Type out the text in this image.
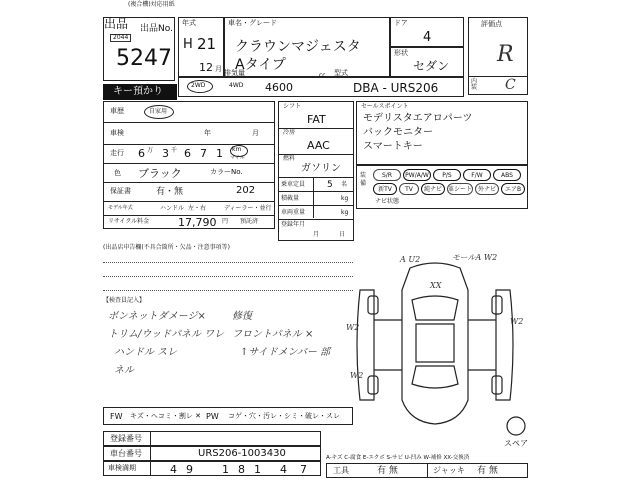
(複合機)対応用紙
出品No.
2044
5247
出品
キー預かり
年式
H 21
12 月
車名・グレード
クラウンマジェスタ
Aタイプ
ドア
4
形状
セダン
評価点
R
内装 C
2WD	4WD 4600
cc
DBA - URS206
排気量	型式
車歴	自家用
車検	年	月
走行 6 万 3 千 6 7 1 km
マイル
色 ブラック	カラーNo.
保証書	有・無	202
モデル年式	ハンドル 左・右	ディーラー・並行
リサイクル料金	17,790 円 預託済
シフト
FAT
冷房
AAC
燃料
ガソリン
乗車定員 5 名
積載量	kg
車両重量	kg
登録年月
月	日
セールスポイント
モデリスタエアロパーツ
バックモニター
スマートキー
装備
S/R	PW/A/W	P/S	F/W	ABS
新TV	TV	純ナビ	革シート 外ナビ	エアB
ナビ状態
(出品店申告欄(不具合箇所・欠品・注意事項等)
【検査員記入】
ボンネットダメージ×
トリム/ウッドパネル ワレ
ハンドル スレ
ネル
修復
フロントパネル ×
↑サイドメンバー 部
A U2	モールA W2
XX
W2
W2
W2
スペア
FW キズ・ヘコミ・割レ ✕ PW コゲ・穴・汚レ・シミ・破レ・スレ
登録番号
車台番号	URS206-1003430
車検満期	4 9	1 8 1 4 7
A-キズ C-腐食 E-エクボ S-サビ U-凹み W-補修 XX-交換済
工具	有 無	ジャッキ 有 無
